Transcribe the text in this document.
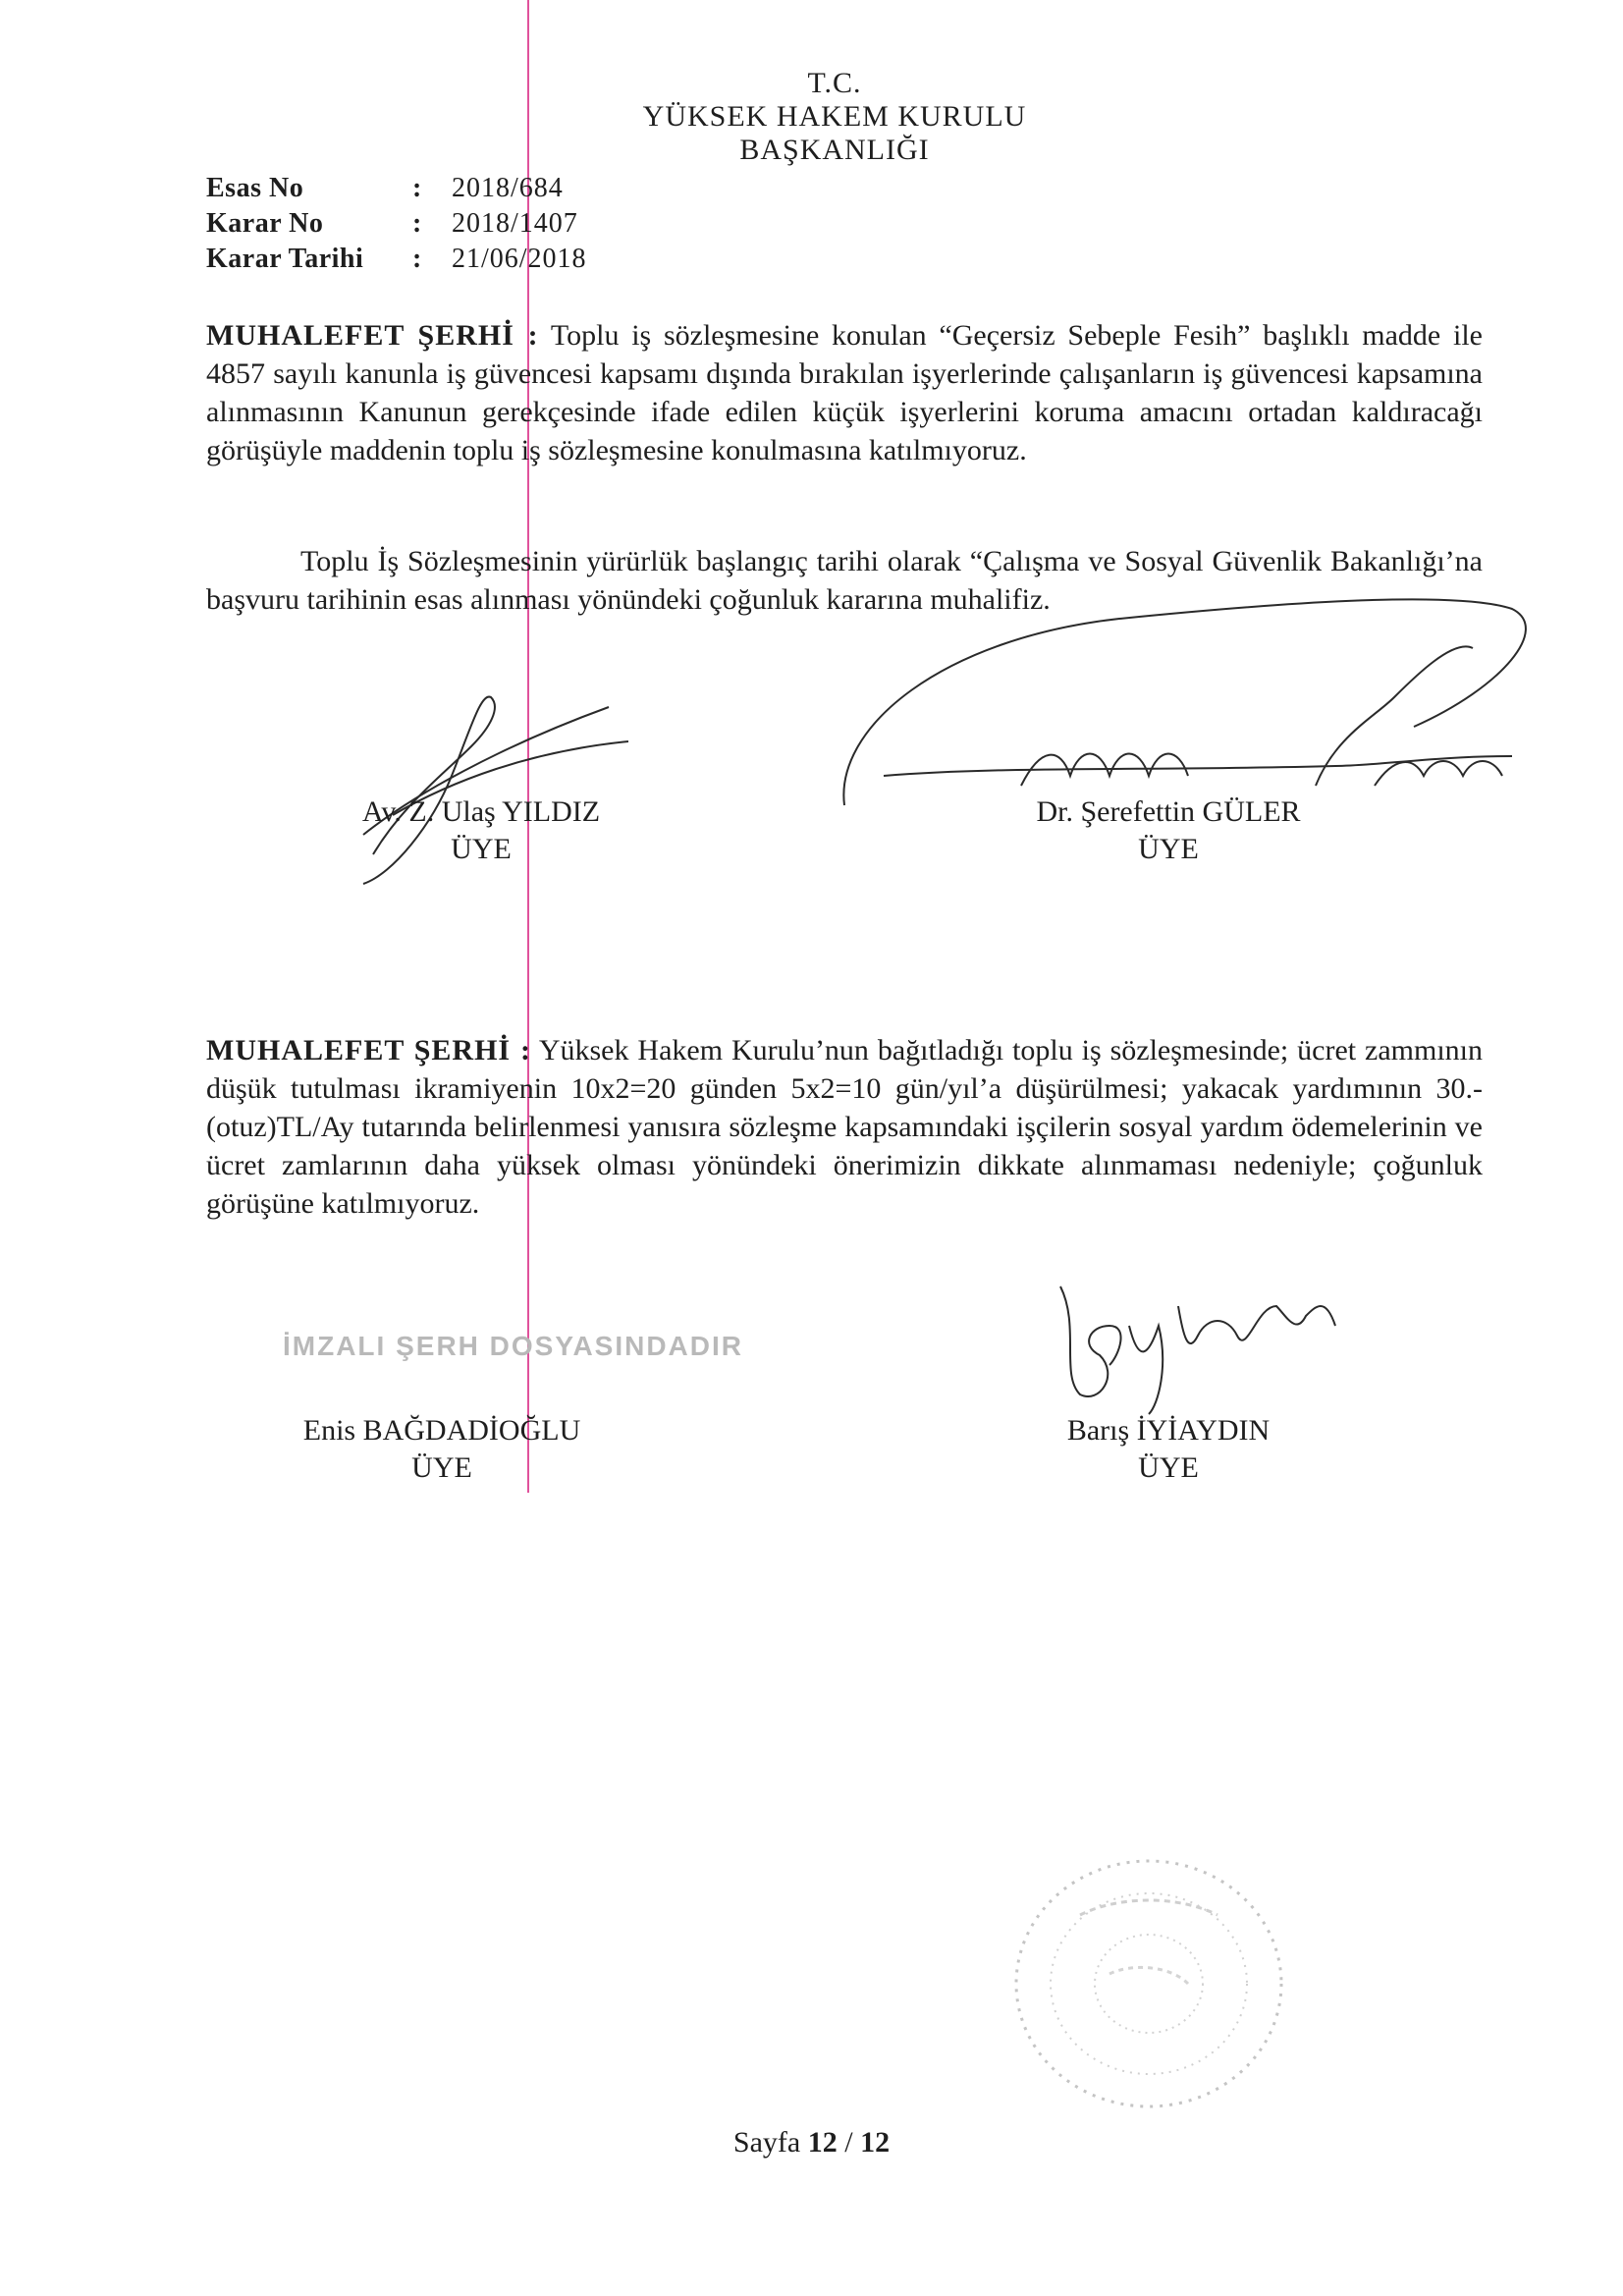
T.C.
YÜKSEK HAKEM KURULU
BAŞKANLIĞI
Esas No	:	2018/684
Karar No	:	2018/1407
Karar Tarihi	:	21/06/2018
MUHALEFET ŞERHİ : Toplu iş sözleşmesine konulan “Geçersiz Sebeple Fesih” başlıklı madde ile 4857 sayılı kanunla iş güvencesi kapsamı dışında bırakılan işyerlerinde çalışanların iş güvencesi kapsamına alınmasının Kanunun gerekçesinde ifade edilen küçük işyerlerini koruma amacını ortadan kaldıracağı görüşüyle maddenin toplu iş sözleşmesine konulmasına katılmıyoruz.
Toplu İş Sözleşmesinin yürürlük başlangıç tarihi olarak “Çalışma ve Sosyal Güvenlik Bakanlığı’na başvuru tarihinin esas alınması yönündeki çoğunluk kararına muhalifiz.
Av. Z. Ulaş YILDIZ
ÜYE
Dr. Şerefettin GÜLER
ÜYE
MUHALEFET ŞERHİ : Yüksek Hakem Kurulu’nun bağıtladığı toplu iş sözleşmesinde; ücret zammının düşük tutulması ikramiyenin 10x2=20 günden 5x2=10 gün/yıl’a düşürülmesi; yakacak yardımının 30.-(otuz)TL/Ay tutarında belirlenmesi yanısıra sözleşme kapsamındaki işçilerin sosyal yardım ödemelerinin ve ücret zamlarının daha yüksek olması yönündeki önerimizin dikkate alınmaması nedeniyle; çoğunluk görüşüne katılmıyoruz.
İMZALI ŞERH DOSYASINDADIR
Enis BAĞDADİOĞLU
ÜYE
Barış İYİAYDIN
ÜYE
Sayfa 12 / 12
